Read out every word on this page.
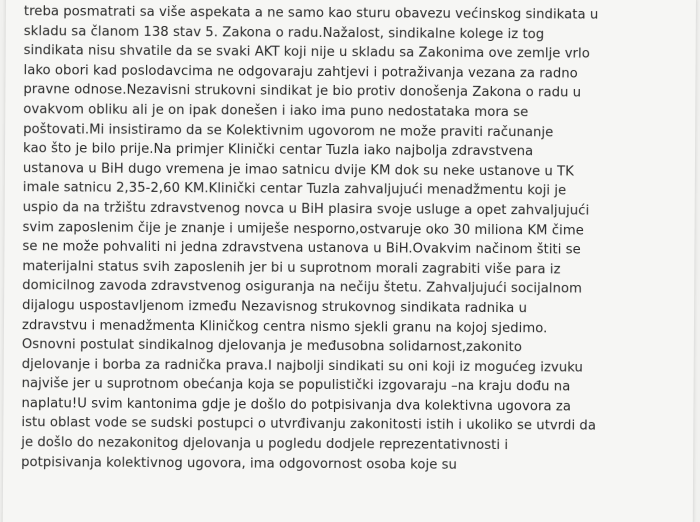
treba posmatrati sa više aspekata a ne samo kao sturu obavezu većinskog sindikata u
skladu sa članom 138 stav 5. Zakona o radu.Nažalost, sindikalne kolege iz tog
sindikata nisu shvatile da se svaki AKT koji nije u skladu sa Zakonima ove zemlje vrlo
lako obori kad poslodavcima ne odgovaraju zahtjevi i potraživanja vezana za radno
pravne odnose.Nezavisni strukovni sindikat je bio protiv donošenja Zakona o radu u
ovakvom obliku ali je on ipak donešen i iako ima puno nedostataka mora se
poštovati.Mi insistiramo da se Kolektivnim ugovorom ne može praviti računanje
kao što je bilo prije.Na primjer Klinički centar Tuzla iako najbolja zdravstvena
ustanova u BiH dugo vremena je imao satnicu dvije KM dok su neke ustanove u TK
imale satnicu 2,35-2,60 KM.Klinički centar Tuzla zahvaljujući menadžmentu koji je
uspio da na tržištu zdravstvenog novca u BiH plasira svoje usluge a opet zahvaljujući
svim zaposlenim čije je znanje i umiješe nesporno,ostvaruje oko 30 miliona KM čime
se ne može pohvaliti ni jedna zdravstvena ustanova u BiH.Ovakvim načinom štiti se
materijalni status svih zaposlenih jer bi u suprotnom morali zagrabiti više para iz
domicilnog zavoda zdravstvenog osiguranja na nečiju štetu. Zahvaljujući socijalnom
dijalogu uspostavljenom između Nezavisnog strukovnog sindikata radnika u
zdravstvu i menadžmenta Kliničkog centra nismo sjekli granu na kojoj sjedimo.
Osnovni postulat sindikalnog djelovanja je međusobna solidarnost,zakonito
djelovanje i borba za radnička prava.I najbolji sindikati su oni koji iz mogućeg izvuku
najviše jer u suprotnom obećanja koja se populistički izgovaraju –na kraju dođu na
naplatu!U svim kantonima gdje je došlo do potpisivanja dva kolektivna ugovora za
istu oblast vode se sudski postupci o utvrđivanju zakonitosti istih i ukoliko se utvrdi da
je došlo do nezakonitog djelovanja u pogledu dodjele reprezentativnosti i
potpisivanja kolektivnog ugovora, ima odgovornost osoba koje su
